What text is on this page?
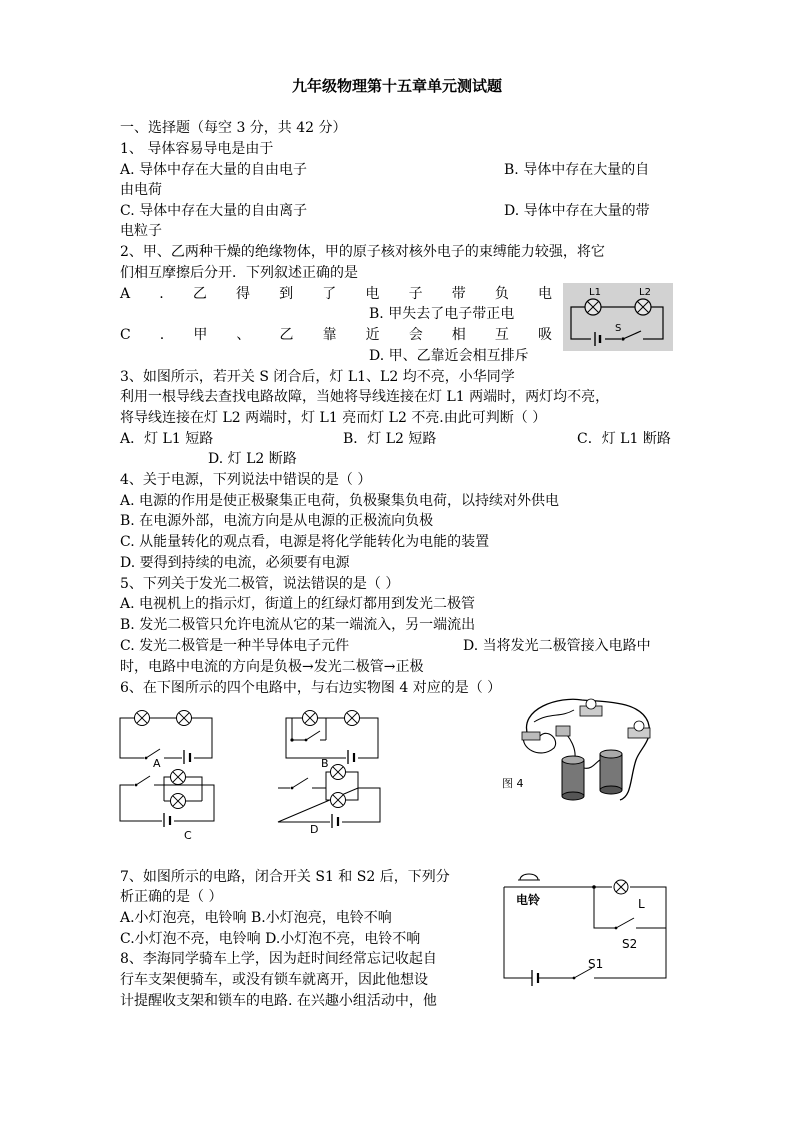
九年级物理第十五章单元测试题
一、选择题（每空 3 分，共 42 分）
1、 导体容易导电是由于
A. 导体中存在大量的自由电子	B. 导体中存在大量的自
由电荷
C. 导体中存在大量的自由离子	D. 导体中存在大量的带
电粒子
2、甲、乙两种干燥的绝缘物体，甲的原子核对核外电子的束缚能力较强，将它
们相互摩擦后分开．下列叙述正确的是
A . 乙 得 到 了 电 子 带 负 电
B. 甲失去了电子带正电
C . 甲 、 乙 靠 近 会 相 互 吸
D. 甲、乙靠近会相互排斥
L1	L2
S
3、如图所示，若开关 S 闭合后，灯 L1、L2 均不亮，小华同学
利用一根导线去查找电路故障，当她将导线连接在灯 L1 两端时，两灯均不亮，
将导线连接在灯 L2 两端时，灯 L1 亮而灯 L2 不亮.由此可判断（ ）
A．灯 L1 短路	B．灯 L2 短路	C．灯 L1 断路
D. 灯 L2 断路
4、关于电源，下列说法中错误的是（ ）
A. 电源的作用是使正极聚集正电荷，负极聚集负电荷，以持续对外供电
B. 在电源外部，电流方向是从电源的正极流向负极
C. 从能量转化的观点看，电源是将化学能转化为电能的装置
D. 要得到持续的电流，必须要有电源
5、下列关于发光二极管，说法错误的是（ ）
A. 电视机上的指示灯，街道上的红绿灯都用到发光二极管
B. 发光二极管只允许电流从它的某一端流入，另一端流出
C. 发光二极管是一种半导体电子元件	D. 当将发光二极管接入电路中
时，电路中电流的方向是负极→发光二极管→正极
6、在下图所示的四个电路中，与右边实物图 4 对应的是（ ）
A
C
B
D
图 4
7、如图所示的电路，闭合开关 S1 和 S2 后，下列分
析正确的是（ ）
A.小灯泡亮，电铃响 B.小灯泡亮，电铃不响
C.小灯泡不亮，电铃响 D.小灯泡不亮，电铃不响
8、李海同学骑车上学，因为赶时间经常忘记收起自
行车支架便骑车，或没有锁车就离开，因此他想设
计提醒收支架和锁车的电路. 在兴趣小组活动中，他
电铃	L
S2
S1
